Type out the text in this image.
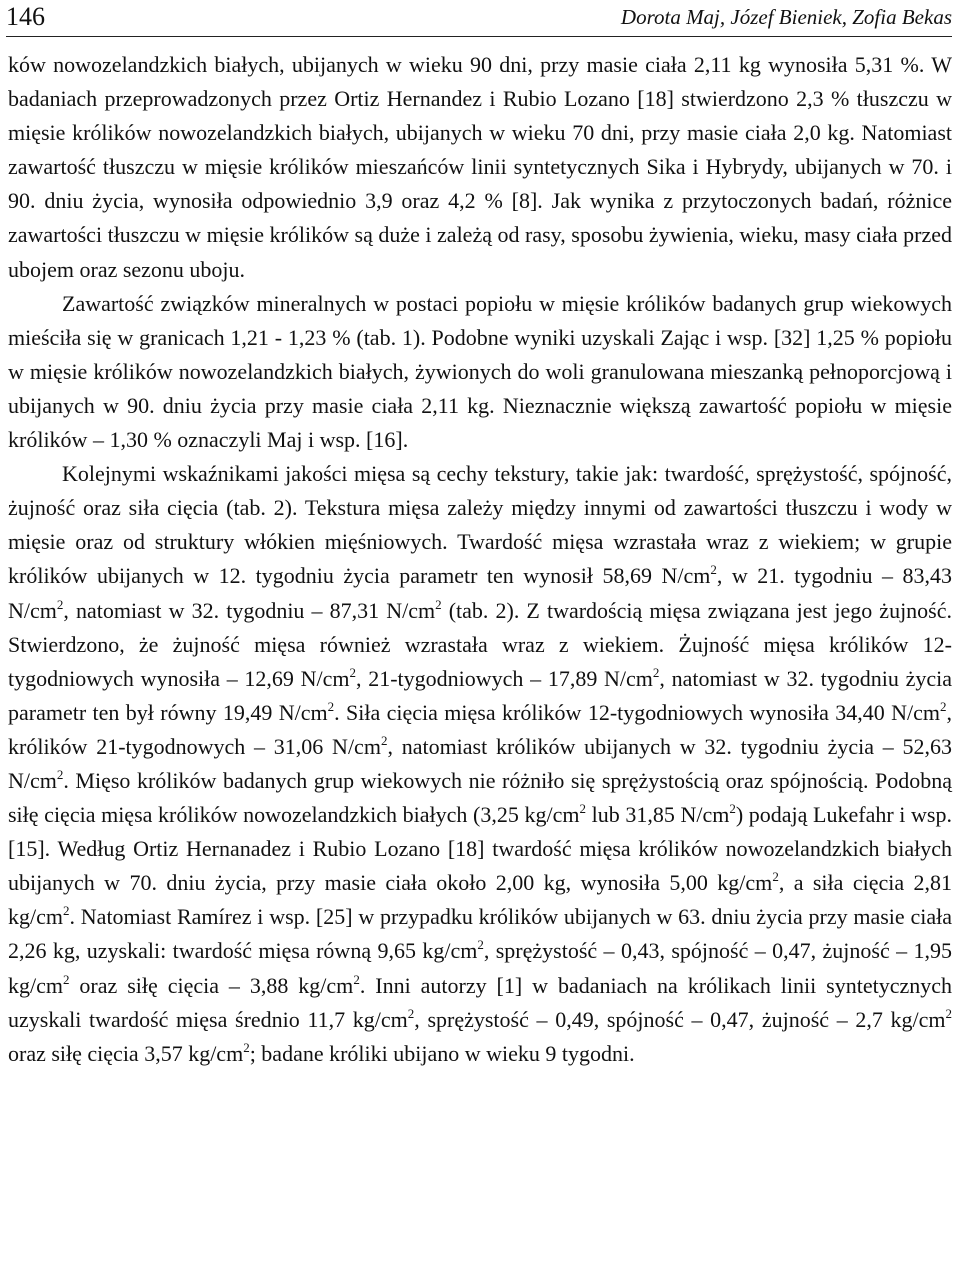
146	Dorota Maj, Józef Bieniek, Zofia Bekas

ków nowozelandzkich białych, ubijanych w wieku 90 dni, przy masie ciała 2,11 kg wynosiła 5,31 %. W badaniach przeprowadzonych przez Ortiz Hernandez i Rubio Lozano [18] stwierdzono 2,3 % tłuszczu w mięsie królików nowozelandzkich białych, ubijanych w wieku 70 dni, przy masie ciała 2,0 kg. Natomiast zawartość tłuszczu w mięsie królików mieszańców linii syntetycznych Sika i Hybrydy, ubijanych w 70. i 90. dniu życia, wynosiła odpowiednio 3,9 oraz 4,2 % [8]. Jak wynika z przytoczonych badań, różnice zawartości tłuszczu w mięsie królików są duże i zależą od rasy, sposobu żywienia, wieku, masy ciała przed ubojem oraz sezonu uboju.

Zawartość związków mineralnych w postaci popiołu w mięsie królików badanych grup wiekowych mieściła się w granicach 1,21 - 1,23 % (tab. 1). Podobne wyniki uzyskali Zając i wsp. [32] 1,25 % popiołu w mięsie królików nowozelandzkich białych, żywionych do woli granulowana mieszanką pełnoporcjową i ubijanych w 90. dniu życia przy masie ciała 2,11 kg. Nieznacznie większą zawartość popiołu w mięsie królików – 1,30 % oznaczyli Maj i wsp. [16].

Kolejnymi wskaźnikami jakości mięsa są cechy tekstury, takie jak: twardość, sprężystość, spójność, żujność oraz siła cięcia (tab. 2). Tekstura mięsa zależy między innymi od zawartości tłuszczu i wody w mięsie oraz od struktury włókien mięśniowych. Twardość mięsa wzrastała wraz z wiekiem; w grupie królików ubijanych w 12. tygodniu życia parametr ten wynosił 58,69 $N/cm^2$, w 21. tygodniu – 83,43 $N/cm^2$, natomiast w 32. tygodniu – 87,31 $N/cm^2$ (tab. 2). Z twardością mięsa związana jest jego żujność. Stwierdzono, że żujność mięsa również wzrastała wraz z wiekiem. Żujność mięsa królików 12-tygodniowych wynosiła – 12,69 $N/cm^2$, 21-tygodniowych – 17,89 $N/cm^2$, natomiast w 32. tygodniu życia parametr ten był równy 19,49 $N/cm^2$. Siła cięcia mięsa królików 12-tygodniowych wynosiła 34,40 $N/cm^2$, królików 21-tygodnowych – 31,06 $N/cm^2$, natomiast królików ubijanych w 32. tygodniu życia – 52,63 $N/cm^2$. Mięso królików badanych grup wiekowych nie różniło się sprężystością oraz spójnością. Podobną siłę cięcia mięsa królików nowozelandzkich białych (3,25 $kg/cm^2$ lub 31,85 $N/cm^2$) podają Lukefahr i wsp. [15]. Według Ortiz Hernanadez i Rubio Lozano [18] twardość mięsa królików nowozelandzkich białych ubijanych w 70. dniu życia, przy masie ciała około 2,00 kg, wynosiła 5,00 $kg/cm^2$, a siła cięcia 2,81 $kg/cm^2$. Natomiast Ramírez i wsp. [25] w przypadku królików ubijanych w 63. dniu życia przy masie ciała 2,26 kg, uzyskali: twardość mięsa równą 9,65 $kg/cm^2$, sprężystość – 0,43, spójność – 0,47, żujność – 1,95 $kg/cm^2$ oraz siłę cięcia – 3,88 $kg/cm^2$. Inni autorzy [1] w badaniach na królikach linii syntetycznych uzyskali twardość mięsa średnio 11,7 $kg/cm^2$, sprężystość – 0,49, spójność – 0,47, żujność – 2,7 $kg/cm^2$ oraz siłę cięcia 3,57 $kg/cm^2$; badane króliki ubijano w wieku 9 tygodni.
